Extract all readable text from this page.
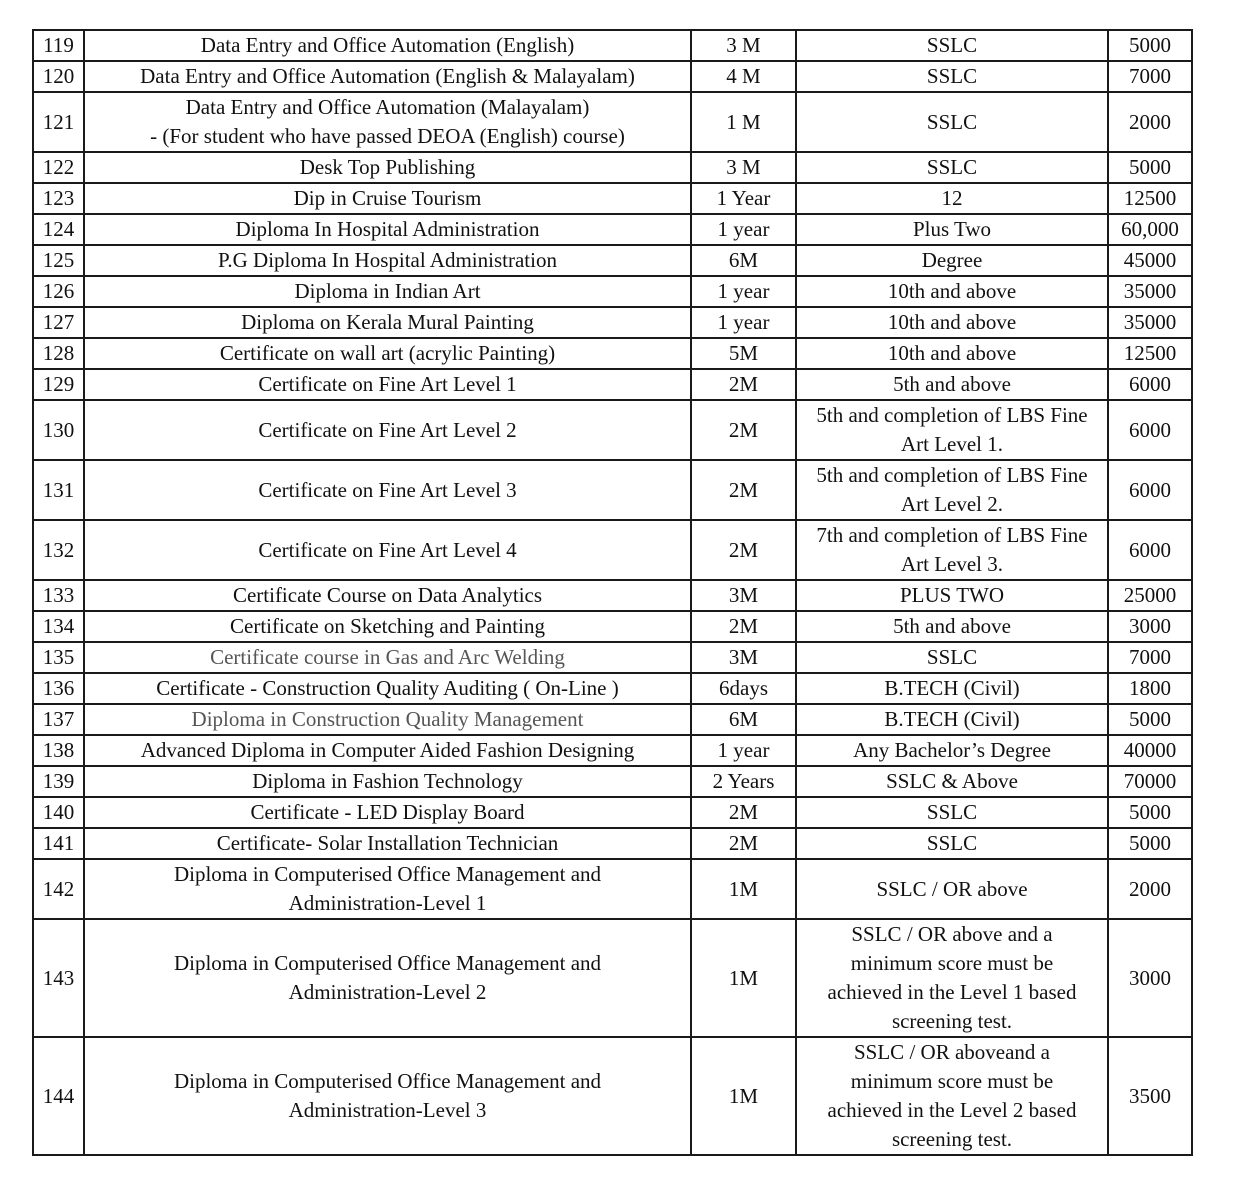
119	Data Entry and Office Automation (English)	3 M	SSLC	5000
120	Data Entry and Office Automation (English & Malayalam)	4 M	SSLC	7000
121	Data Entry and Office Automation (Malayalam)
- (For student who have passed DEOA (English) course)	1 M	SSLC	2000
122	Desk Top Publishing	3 M	SSLC	5000
123	Dip in Cruise Tourism	1 Year	12	12500
124	Diploma In Hospital Administration	1 year	Plus Two	60,000
125	P.G Diploma In Hospital Administration	6M	Degree	45000
126	Diploma in Indian Art	1 year	10th and above	35000
127	Diploma on Kerala Mural Painting	1 year	10th and above	35000
128	Certificate on wall art (acrylic Painting)	5M	10th and above	12500
129	Certificate on Fine Art Level 1	2M	5th and above	6000
130	Certificate on Fine Art Level 2	2M	5th and completion of LBS Fine
Art Level 1.	6000
131	Certificate on Fine Art Level 3	2M	5th and completion of LBS Fine
Art Level 2.	6000
132	Certificate on Fine Art Level 4	2M	7th and completion of LBS Fine
Art Level 3.	6000
133	Certificate Course on Data Analytics	3M	PLUS TWO	25000
134	Certificate on Sketching and Painting	2M	5th and above	3000
135	Certificate course in Gas and Arc Welding	3M	SSLC	7000
136	Certificate - Construction Quality Auditing ( On-Line )	6days	B.TECH (Civil)	1800
137	Diploma in Construction Quality Management	6M	B.TECH (Civil)	5000
138	Advanced Diploma in Computer Aided Fashion Designing	1 year	Any Bachelor’s Degree	40000
139	Diploma in Fashion Technology	2 Years	SSLC & Above	70000
140	Certificate - LED Display Board	2M	SSLC	5000
141	Certificate- Solar Installation Technician	2M	SSLC	5000
142	Diploma in Computerised Office Management and
Administration-Level 1	1M	SSLC / OR above	2000
143	Diploma in Computerised Office Management and
Administration-Level 2	1M	SSLC / OR above and a
minimum score must be
achieved in the Level 1 based
screening test.	3000
144	Diploma in Computerised Office Management and
Administration-Level 3	1M	SSLC / OR aboveand a
minimum score must be
achieved in the Level 2 based
screening test.	3500
